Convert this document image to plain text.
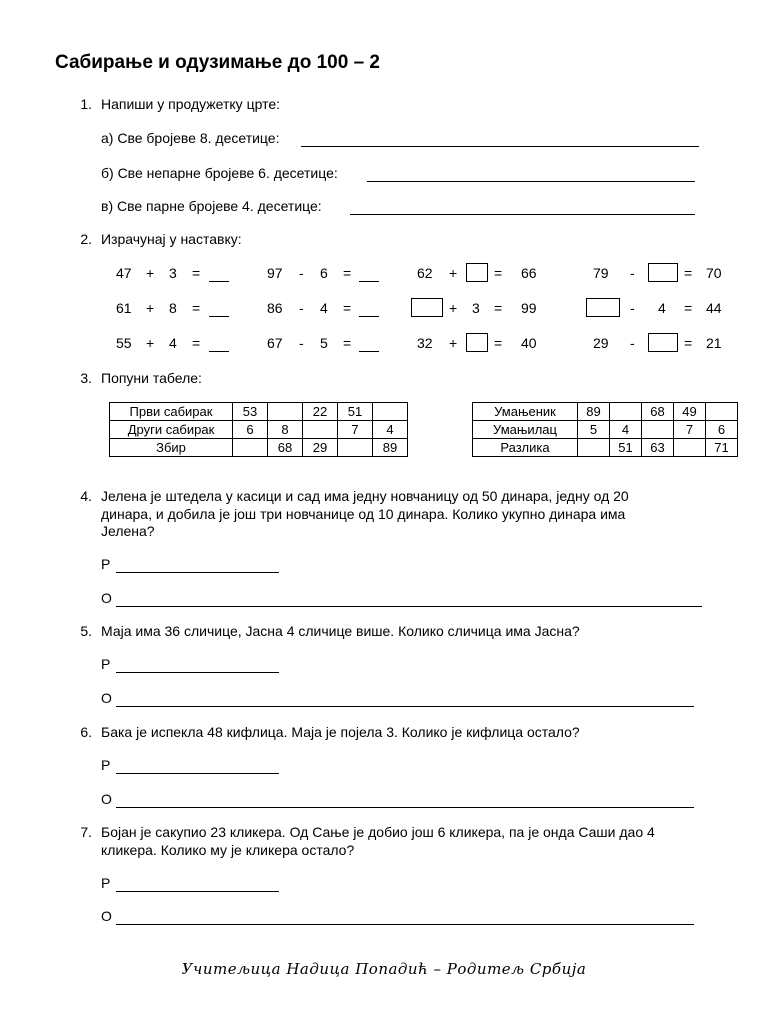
Сабирање и одузимање до 100 – 2
1. Напиши у продужетку црте:
а) Све бројеве 8. десетице:
б) Све непарне бројеве 6. десетице:
в) Све парне бројеве 4. десетице:
2. Израчунај у наставку:
47 + 3 =	97 - 6 =	62 +	= 66	79 -	= 70
61 + 8 =	86 - 4 =	+ 3 = 99	- 4 = 44
55 + 4 =	67 - 5 =	32 +	= 40	29 -	= 21
3. Попуни табеле:
Први сабирак	53		22	51	
Други сабирак	6	8		7	4
Збир		68	29		89
Умањеник	89		68	49	
Умањилац	5	4		7	6
Разлика		51	63		71
4. Јелена је штедела у касици и сад има једну новчаницу од 50 динара, једну од 20
динара, и добила је још три новчанице од 10 динара. Колико укупно динара има
Јелена?
Р
О
5. Маја има 36 сличице, Јасна 4 сличице више. Колико сличица има Јасна?
Р
О
6. Бака је испекла 48 кифлица. Маја је појела 3. Колико је кифлица остало?
Р
О
7. Бојан је сакупио 23 кликера. Од Сање је добио још 6 кликера, па је онда Саши дао 4
кликера. Колико му је кликера остало?
Р
О
Учитељица Надица Попадић – Родитељ Србија
